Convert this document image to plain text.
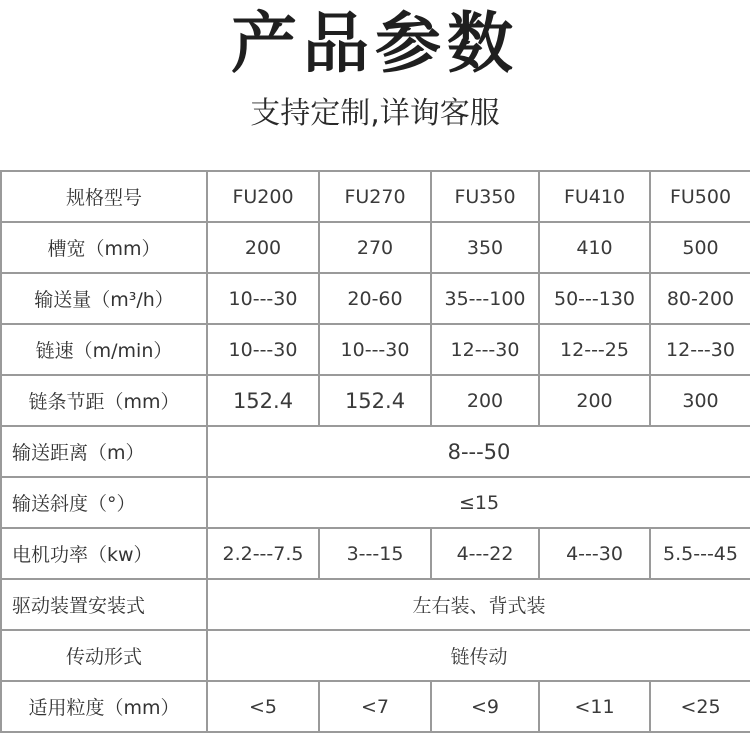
产品参数
支持定制,详询客服
规格型号	FU200	FU270	FU350	FU410	FU500
槽宽（mm）	200	270	350	410	500
输送量（m³/h）	10---30	20-60	35---100	50---130	80-200
链速（m/min）	10---30	10---30	12---30	12---25	12---30
链条节距（mm）	152.4	152.4	200	200	300
输送距离（m）	8---50				
输送斜度（°）	≤15				
电机功率（kw）	2.2---7.5	3---15	4---22	4---30	5.5---45
驱动装置安装式	左右装、背式装				
传动形式	链传动				
适用粒度（mm）	<5	<7	<9	<11	<25
